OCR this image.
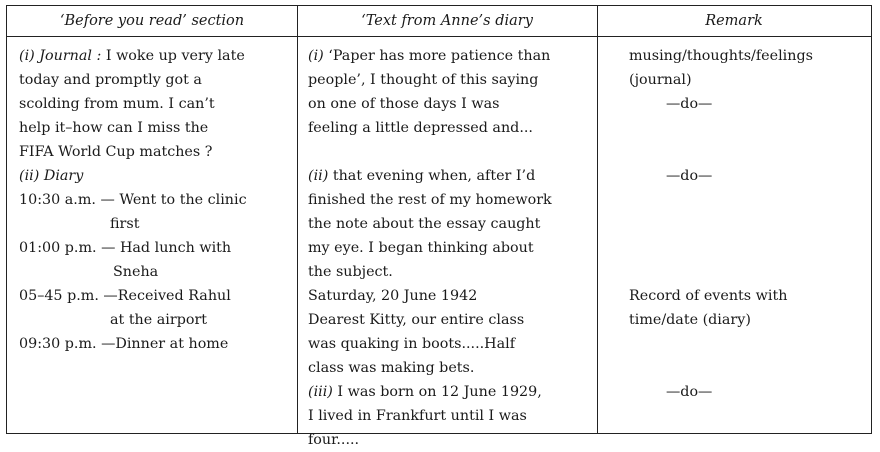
‘Before you read’ section	‘Text from Anne’s diary	Remark
(i) Journal : I woke up very late
today and promptly got a
scolding from mum. I can’t
help it–how can I miss the
FIFA World Cup matches ?
(ii) Diary
10:30 a.m. — Went to the clinic
first
01:00 p.m. — Had lunch with
Sneha
05–45 p.m. —Received Rahul
at the airport
09:30 p.m. —Dinner at home
(i) ‘Paper has more patience than
people’, I thought of this saying
on one of those days I was
feeling a little depressed and...
(ii) that evening when, after I’d
finished the rest of my homework
the note about the essay caught
my eye. I began thinking about
the subject.
Saturday, 20 June 1942
Dearest Kitty, our entire class
was quaking in boots.....Half
class was making bets.
(iii) I was born on 12 June 1929,
I lived in Frankfurt until I was
four.....
musing/thoughts/feelings
(journal)
—do—
—do—
Record of events with
time/date (diary)
—do—
